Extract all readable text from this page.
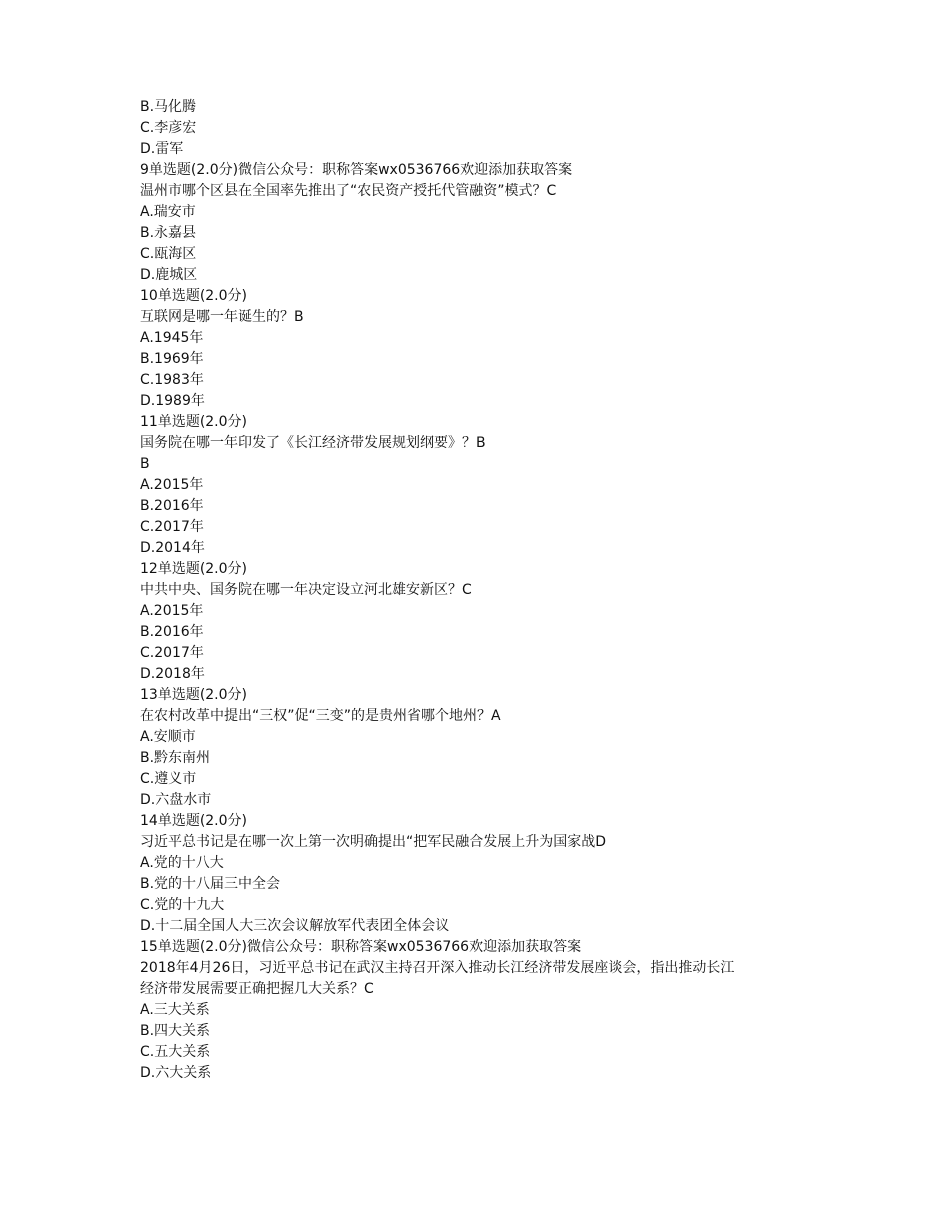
B.马化腾
C.李彦宏
D.雷军
9单选题(2.0分)微信公众号：职称答案wx0536766欢迎添加获取答案
温州市哪个区县在全国率先推出了“农民资产授托代管融资”模式？C
A.瑞安市
B.永嘉县
C.瓯海区
D.鹿城区
10单选题(2.0分)
互联网是哪一年诞生的？B
A.1945年
B.1969年
C.1983年
D.1989年
11单选题(2.0分)
国务院在哪一年印发了《长江经济带发展规划纲要》？B
B
A.2015年
B.2016年
C.2017年
D.2014年
12单选题(2.0分)
中共中央、国务院在哪一年决定设立河北雄安新区？C
A.2015年
B.2016年
C.2017年
D.2018年
13单选题(2.0分)
在农村改革中提出“三权”促“三变”的是贵州省哪个地州？A
A.安顺市
B.黔东南州
C.遵义市
D.六盘水市
14单选题(2.0分)
习近平总书记是在哪一次上第一次明确提出“把军民融合发展上升为国家战D
A.党的十八大
B.党的十八届三中全会
C.党的十九大
D.十二届全国人大三次会议解放军代表团全体会议
15单选题(2.0分)微信公众号：职称答案wx0536766欢迎添加获取答案
2018年4月26日，习近平总书记在武汉主持召开深入推动长江经济带发展座谈会，指出推动长江
经济带发展需要正确把握几大关系？C
A.三大关系
B.四大关系
C.五大关系
D.六大关系
